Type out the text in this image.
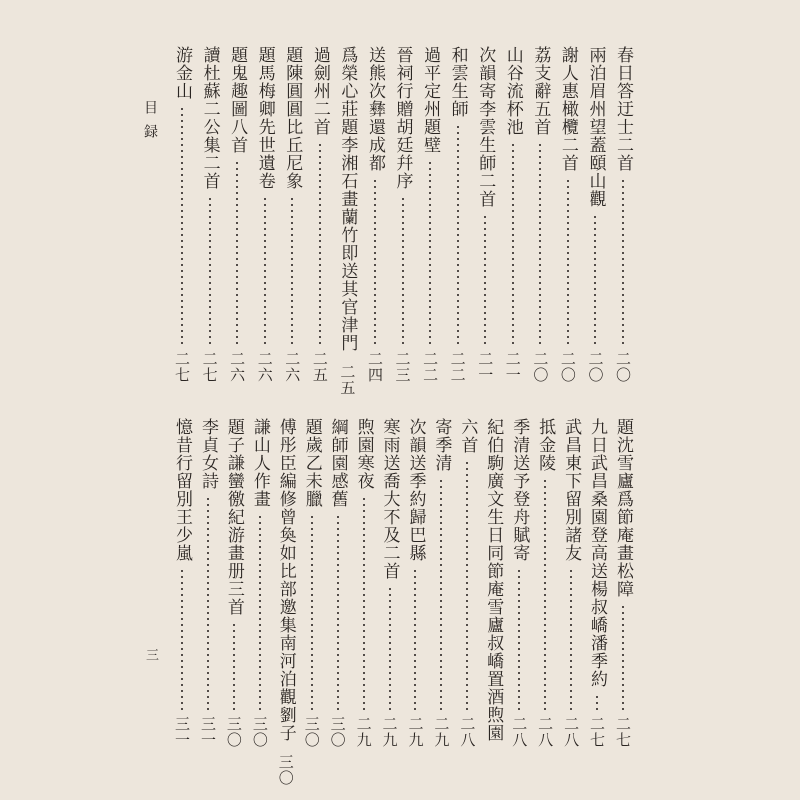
目録
三
春日答迂士二首
二〇
兩泊眉州望蓋頤山觀
二〇
謝人惠橄欖二首
二〇
荔支辭五首
二〇
山谷流杯池
二一
次韻寄李雲生師二首
二一
和雲生師
二二
過平定州題壁
二二
晉祠行贈胡廷幷序
二三
送熊次彝還成都
二四
爲榮心莊題李湘石畫蘭竹即送其官津門
二五
過劍州二首
二五
題陳圓圓比丘尼象
二六
題馬梅卿先世遺卷
二六
題鬼趣圖八首
二六
讀杜蘇二公集二首
二七
游金山
二七
題沈雪廬爲節庵畫松障
二七
九日武昌桑園登高送楊叔嶠潘季約
二七
武昌東下留別諸友
二八
抵金陵
二八
季清送予登舟賦寄
二八
紀伯駒廣文生日同節庵雪廬叔嶠置酒煦園
六首
二八
寄季清
二九
次韻送季約歸巴縣
二九
寒雨送喬大不及二首
二九
煦園寒夜
二九
綱師園感舊
三〇
題歲乙未臘
三〇
傅彤臣編修曾奐如比部邀集南河泊觀劉子
三〇
謙山人作畫
三〇
題子謙蠻徼紀游畫册三首
三〇
李貞女詩
三一
憶昔行留別王少嵐
三一
